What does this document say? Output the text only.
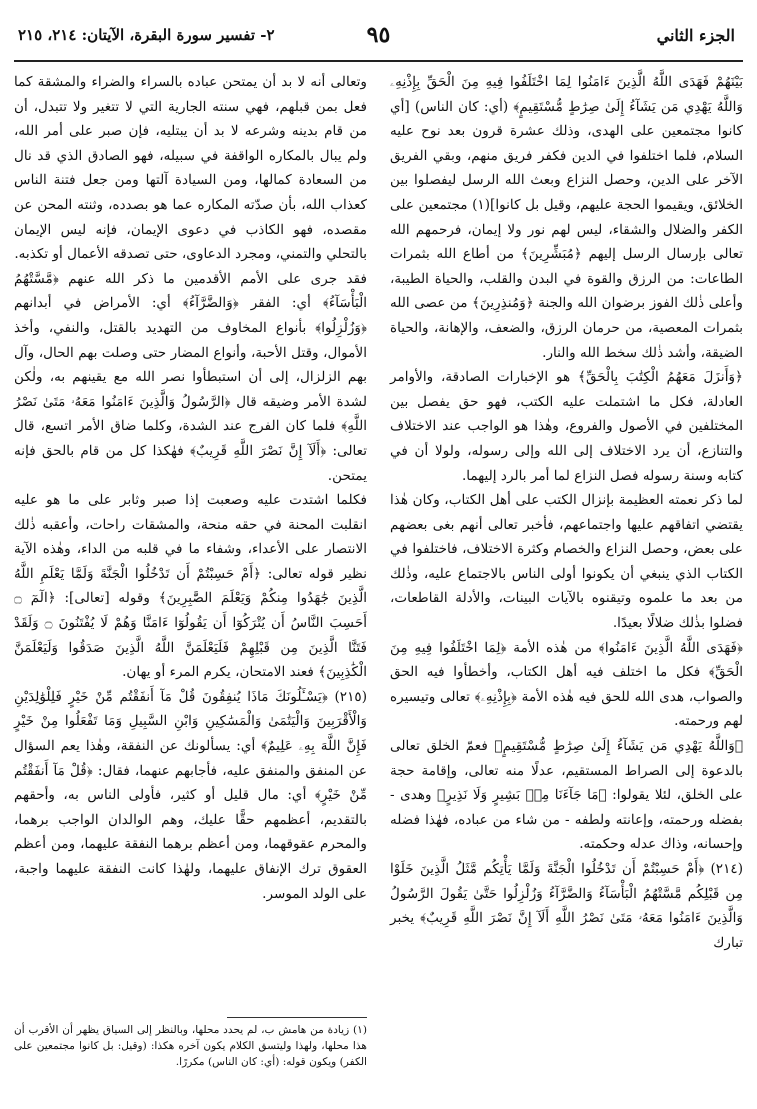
الجزء الثاني
٩٥
٢- تفسير سورة البقرة، الآيتان: ٢١٤، ٢١٥

بَيْنَهُمْ فَهَدَى اللَّهُ الَّذِينَ ءَامَنُوا لِمَا اخْتَلَفُوا فِيهِ مِنَ الْحَقِّ بِإِذْنِهِۦ وَاللَّهُ يَهْدِي مَن يَشَآءُ إِلَىٰ صِرَٰطٍ مُّسْتَقِيمٍ﴾ (أي: كان الناس) [أي كانوا مجتمعين على الهدى، وذلك عشرة قرون بعد نوح عليه السلام، فلما اختلفوا في الدين فكفر فريق منهم، وبقي الفريق الآخر على الدين، وحصل النزاع وبعث الله الرسل ليفصلوا بين الخلائق، ويقيموا الحجة عليهم، وقيل بل كانوا](١) مجتمعين على الكفر والضلال والشقاء، ليس لهم نور ولا إيمان، فرحمهم الله تعالى بإرسال الرسل إليهم ﴿مُبَشِّرِينَ﴾ من أطاع الله بثمرات الطاعات: من الرزق والقوة في البدن والقلب، والحياة الطيبة، وأعلى ذٰلك الفوز برضوان الله والجنة ﴿وَمُنذِرِينَ﴾ من عصى الله بثمرات المعصية، من حرمان الرزق، والضعف، والإهانة، والحياة الضيقة، وأشد ذٰلك سخط الله والنار.

﴿وَأَنزَلَ مَعَهُمُ الْكِتَٰبَ بِالْحَقِّ﴾ هو الإخبارات الصادقة، والأوامر العادلة، فكل ما اشتملت عليه الكتب، فهو حق يفصل بين المختلفين في الأصول والفروع، وهٰذا هو الواجب عند الاختلاف والتنازع، أن يرد الاختلاف إلى الله وإلى رسوله، ولولا أن في كتابه وسنة رسوله فصل النزاع لما أمر بالرد إليهما.

لما ذكر نعمته العظيمة بإنزال الكتب على أهل الكتاب، وكان هٰذا يقتضي اتفاقهم عليها واجتماعهم، فأخبر تعالى أنهم بغى بعضهم على بعض، وحصل النزاع والخصام وكثرة الاختلاف، فاختلفوا في الكتاب الذي ينبغي أن يكونوا أولى الناس بالاجتماع عليه، وذٰلك من بعد ما علموه وتيقنوه بالآيات البينات، والأدلة القاطعات، فضلوا بذٰلك ضلالًا بعيدًا.

﴿فَهَدَى اللَّهُ الَّذِينَ ءَامَنُوا﴾ من هٰذه الأمة ﴿لِمَا اخْتَلَفُوا فِيهِ مِنَ الْحَقِّ﴾ فكل ما اختلف فيه أهل الكتاب، وأخطأوا فيه الحق والصواب، هدى الله للحق فيه هٰذه الأمة ﴿بِإِذْنِهِۦ﴾ تعالى وتيسيره لهم ورحمته.

﴿وَاللَّهُ يَهْدِي مَن يَشَآءُ إِلَىٰ صِرَٰطٍ مُّسْتَقِيمٍ﴾ فعمّ الخلق تعالى بالدعوة إلى الصراط المستقيم، عدلًا منه تعالى، وإقامة حجة على الخلق، لئلا يقولوا: ﴿مَا جَآءَنَا مِنۢ بَشِيرٍ وَلَا نَذِيرٍ﴾ وهدى - بفضله ورحمته، وإعانته ولطفه - من شاء من عباده، فهٰذا فضله وإحسانه، وذاك عدله وحكمته.

(٢١٤) ﴿أَمْ حَسِبْتُمْ أَن تَدْخُلُوا الْجَنَّةَ وَلَمَّا يَأْتِكُم مَّثَلُ الَّذِينَ خَلَوْا مِن قَبْلِكُم مَّسَّتْهُمُ الْبَأْسَآءُ وَالضَّرَّآءُ وَزُلْزِلُوا حَتَّىٰ يَقُولَ الرَّسُولُ وَالَّذِينَ ءَامَنُوا مَعَهُۥ مَتَىٰ نَصْرُ اللَّهِ أَلَآ إِنَّ نَصْرَ اللَّهِ قَرِيبٌ﴾ يخبر تبارك

وتعالى أنه لا بد أن يمتحن عباده بالسراء والضراء والمشقة كما فعل بمن قبلهم، فهي سنته الجارية التي لا تتغير ولا تتبدل، أن من قام بدينه وشرعه لا بد أن يبتليه، فإن صبر على أمر الله، ولم يبال بالمكاره الواقفة في سبيله، فهو الصادق الذي قد نال من السعادة كمالها، ومن السيادة آلتها ومن جعل فتنة الناس كعذاب الله، بأن صدّته المكاره عما هو بصدده، وثنته المحن عن مقصده، فهو الكاذب في دعوى الإيمان، فإنه ليس الإيمان بالتحلي والتمني، ومجرد الدعاوى، حتى تصدقه الأعمال أو تكذبه.

فقد جرى على الأمم الأقدمين ما ذكر الله عنهم ﴿مَّسَّتْهُمُ الْبَأْسَآءُ﴾ أي: الفقر ﴿وَالضَّرَّآءُ﴾ أي: الأمراض في أبدانهم ﴿وَزُلْزِلُوا﴾ بأنواع المخاوف من التهديد بالقتل، والنفي، وأخذ الأموال، وقتل الأحبة، وأنواع المضار حتى وصلت بهم الحال، وآل بهم الزلزال، إلى أن استبطأوا نصر الله مع يقينهم به، ولٰكن لشدة الأمر وضيقه قال ﴿الرَّسُولُ وَالَّذِينَ ءَامَنُوا مَعَهُۥ مَتَىٰ نَصْرُ اللَّهِ﴾ فلما كان الفرج عند الشدة، وكلما ضاق الأمر اتسع، قال تعالى: ﴿أَلَآ إِنَّ نَصْرَ اللَّهِ قَرِيبٌ﴾ فهٰكذا كل من قام بالحق فإنه يمتحن.

فكلما اشتدت عليه وصعبت إذا صبر وثابر على ما هو عليه انقلبت المحنة في حقه منحة، والمشقات راحات، وأعقبه ذٰلك الانتصار على الأعداء، وشفاء ما في قلبه من الداء، وهٰذه الآية نظير قوله تعالى: ﴿أَمْ حَسِبْتُمْ أَن تَدْخُلُوا الْجَنَّةَ وَلَمَّا يَعْلَمِ اللَّهُ الَّذِينَ جَٰهَدُوا مِنكُمْ وَيَعْلَمَ الصَّٰبِرِينَ﴾ وقوله [تعالى]: ﴿الٓمٓ ۝ أَحَسِبَ النَّاسُ أَن يُتْرَكُوٓا أَن يَقُولُوٓا ءَامَنَّا وَهُمْ لَا يُفْتَنُونَ ۝ وَلَقَدْ فَتَنَّا الَّذِينَ مِن قَبْلِهِمْ فَلَيَعْلَمَنَّ اللَّهُ الَّذِينَ صَدَقُوا وَلَيَعْلَمَنَّ الْكَٰذِبِينَ﴾ فعند الامتحان، يكرم المرء أو يهان.

(٢١٥) ﴿يَسْـَٔلُونَكَ مَاذَا يُنفِقُونَ قُلْ مَآ أَنفَقْتُم مِّنْ خَيْرٍ فَلِلْوَٰلِدَيْنِ وَالْأَقْرَبِينَ وَالْيَتَٰمَىٰ وَالْمَسَٰكِينِ وَابْنِ السَّبِيلِ وَمَا تَفْعَلُوا مِنْ خَيْرٍ فَإِنَّ اللَّهَ بِهِۦ عَلِيمٌ﴾ أي: يسألونك عن النفقة، وهٰذا يعم السؤال عن المنفق والمنفق عليه، فأجابهم عنهما، فقال: ﴿قُلْ مَآ أَنفَقْتُم مِّنْ خَيْرٍ﴾ أي: مال قليل أو كثير، فأولى الناس به، وأحقهم بالتقديم، أعظمهم حقًّا عليك، وهم الوالدان الواجب برهما، والمحرم عقوقهما، ومن أعظم برهما النفقة عليهما، ومن أعظم العقوق ترك الإنفاق عليهما، ولهٰذا كانت النفقة عليهما واجبة، على الولد الموسر.

(١) زيادة من هامش ب، لم يحدد محلها، وبالنظر إلى السياق يظهر أن الأقرب أن هذا محلها، ولهذا وليتسق الكلام يكون آخره هكذا: (وقيل: بل كانوا مجتمعين على الكفر) ويكون قوله: (أي: كان الناس) مكررًا.
